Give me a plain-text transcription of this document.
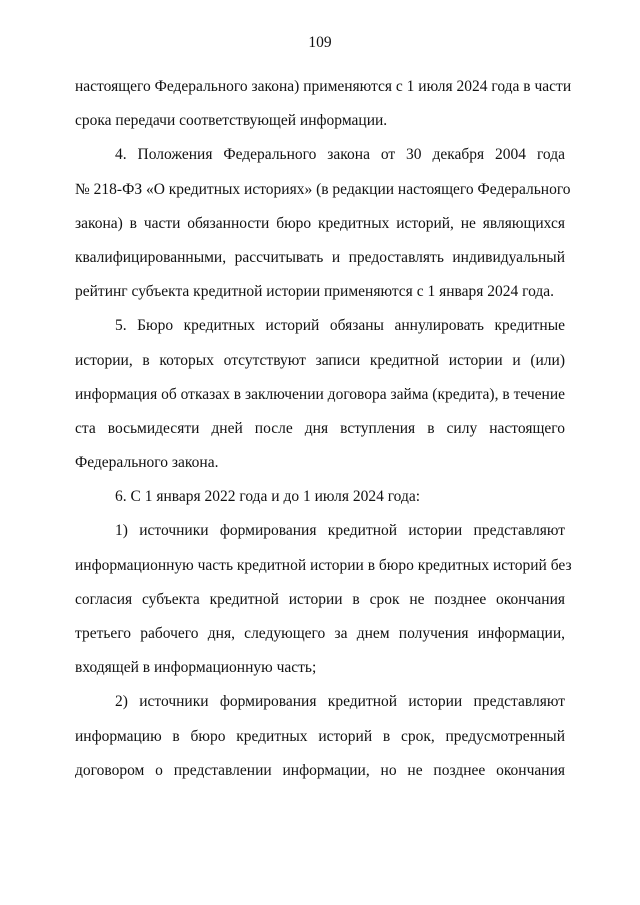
109
настоящего Федерального закона) применяются с 1 июля 2024 года в части
срока передачи соответствующей информации.
4. Положения Федерального закона от 30 декабря 2004 года
№ 218-ФЗ «О кредитных историях» (в редакции настоящего Федерального
закона) в части обязанности бюро кредитных историй, не являющихся
квалифицированными, рассчитывать и предоставлять индивидуальный
рейтинг субъекта кредитной истории применяются с 1 января 2024 года.
5. Бюро кредитных историй обязаны аннулировать кредитные
истории, в которых отсутствуют записи кредитной истории и (или)
информация об отказах в заключении договора займа (кредита), в течение
ста восьмидесяти дней после дня вступления в силу настоящего
Федерального закона.
6. С 1 января 2022 года и до 1 июля 2024 года:
1) источники формирования кредитной истории представляют
информационную часть кредитной истории в бюро кредитных историй без
согласия субъекта кредитной истории в срок не позднее окончания
третьего рабочего дня, следующего за днем получения информации,
входящей в информационную часть;
2) источники формирования кредитной истории представляют
информацию в бюро кредитных историй в срок, предусмотренный
договором о представлении информации, но не позднее окончания
